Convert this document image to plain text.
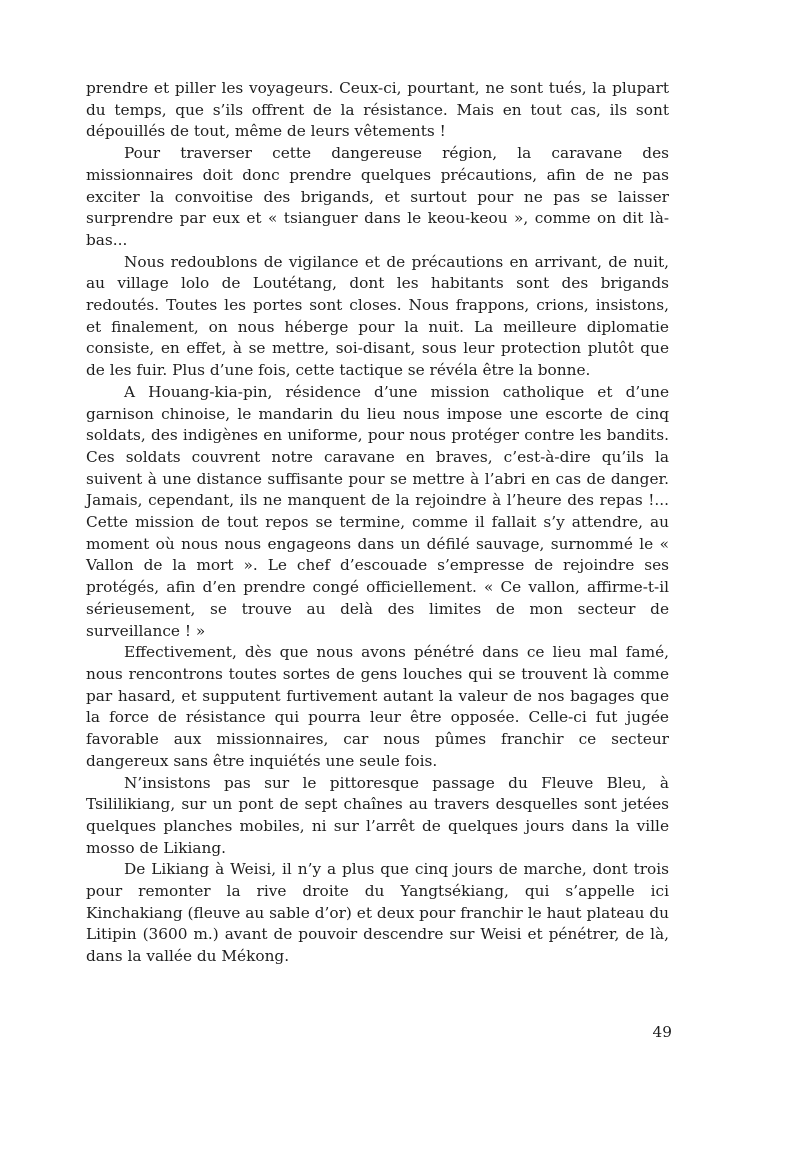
prendre et piller les voyageurs. Ceux-ci, pourtant, ne sont tués, la plupart du temps, que s’ils offrent de la résistance. Mais en tout cas, ils sont dépouillés de tout, même de leurs vêtements !

Pour traverser cette dangereuse région, la caravane des missionnaires doit donc prendre quelques précautions, afin de ne pas exciter la convoitise des brigands, et surtout pour ne pas se laisser surprendre par eux et « tsianguer dans le keou-keou », comme on dit là-bas...

Nous redoublons de vigilance et de précautions en arrivant, de nuit, au village lolo de Loutétang, dont les habitants sont des brigands redoutés. Toutes les portes sont closes. Nous frappons, crions, insistons, et finalement, on nous héberge pour la nuit. La meilleure diplomatie consiste, en effet, à se mettre, soi-disant, sous leur protection plutôt que de les fuir. Plus d’une fois, cette tactique se révéla être la bonne.

A Houang-kia-pin, résidence d’une mission catholique et d’une garnison chinoise, le mandarin du lieu nous impose une escorte de cinq soldats, des indigènes en uniforme, pour nous protéger contre les bandits. Ces soldats couvrent notre caravane en braves, c’est-à-dire qu’ils la suivent à une distance suffisante pour se mettre à l’abri en cas de danger. Jamais, cependant, ils ne manquent de la rejoindre à l’heure des repas !... Cette mission de tout repos se termine, comme il fallait s’y attendre, au moment où nous nous engageons dans un défilé sauvage, surnommé le « Vallon de la mort ». Le chef d’escouade s’empresse de rejoindre ses protégés, afin d’en prendre congé officiellement. « Ce vallon, affirme-t-il sérieusement, se trouve au delà des limites de mon secteur de surveillance ! »

Effectivement, dès que nous avons pénétré dans ce lieu mal famé, nous rencontrons toutes sortes de gens louches qui se trouvent là comme par hasard, et supputent furtivement autant la valeur de nos bagages que la force de résistance qui pourra leur être opposée. Celle-ci fut jugée favorable aux missionnaires, car nous pûmes franchir ce secteur dangereux sans être inquiétés une seule fois.

N’insistons pas sur le pittoresque passage du Fleuve Bleu, à Tsililikiang, sur un pont de sept chaînes au travers desquelles sont jetées quelques planches mobiles, ni sur l’arrêt de quelques jours dans la ville mosso de Likiang.

De Likiang à Weisi, il n’y a plus que cinq jours de marche, dont trois pour remonter la rive droite du Yangtsékiang, qui s’appelle ici Kinchakiang (fleuve au sable d’or) et deux pour franchir le haut plateau du Litipin (3600 m.) avant de pouvoir descendre sur Weisi et pénétrer, de là, dans la vallée du Mékong.

49
